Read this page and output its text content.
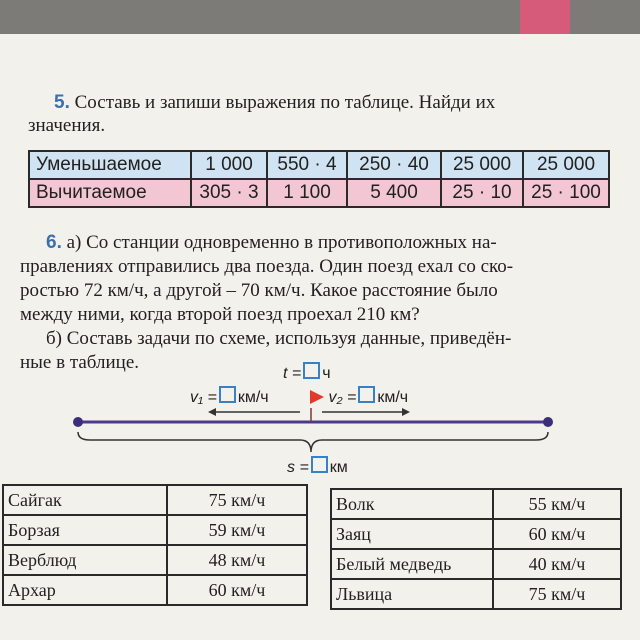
5. Составь и запиши выражения по таблице. Найди их
значения.
Уменьшаемое	1 000	550 · 4	250 · 40	25 000	25 000
Вычитаемое	305 · 3	1 100	5 400	25 · 10	25 · 100
6. а) Со станции одновременно в противоположных на-
правлениях отправились два поезда. Один поезд ехал со ско-
ростью 72 км/ч, а другой – 70 км/ч. Какое расстояние было
между ними, когда второй поезд проехал 210 км?
б) Составь задачи по схеме, используя данные, приведён-
ные в таблице.
t = ч
v₁ = км/ч	v₂ = км/ч
s = км
Сайгак	75 км/ч
Борзая	59 км/ч
Верблюд	48 км/ч
Архар	60 км/ч
Волк	55 км/ч
Заяц	60 км/ч
Белый медведь	40 км/ч
Львица	75 км/ч
